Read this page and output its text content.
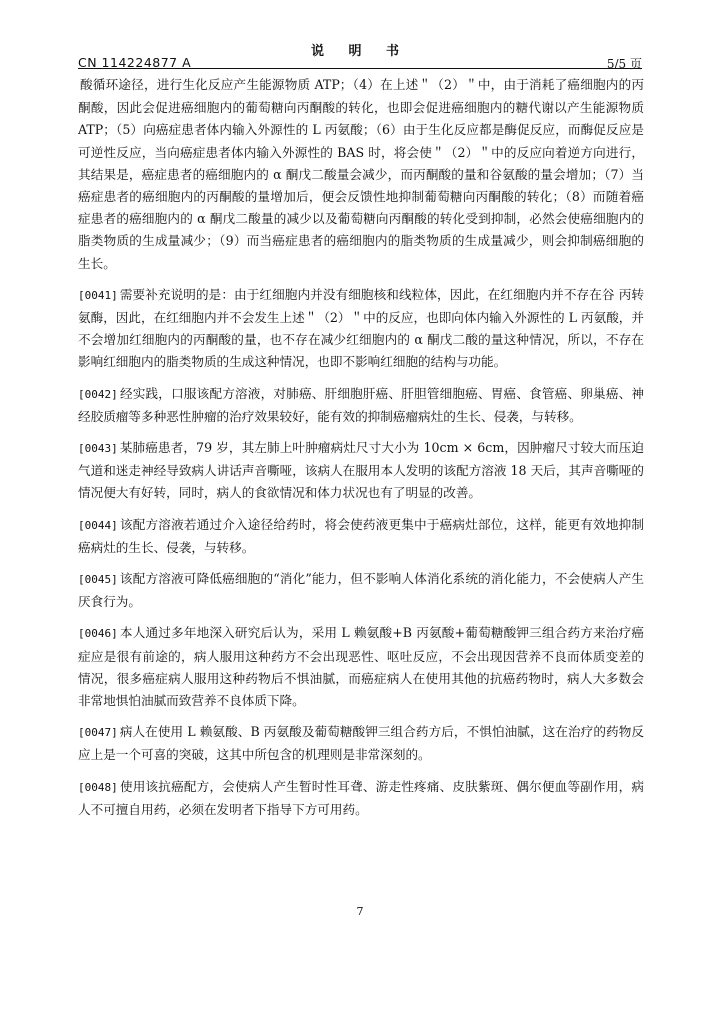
说 明 书
CN 114224877 A	5/5 页

酸循环途径，进行生化反应产生能源物质 ATP；（4）在上述＂（2）＂中，由于消耗了癌细胞内的丙酮酸，因此会促进癌细胞内的葡萄糖向丙酮酸的转化，也即会促进癌细胞内的糖代谢以产生能源物质 ATP；（5）向癌症患者体内输入外源性的 L 丙氨酸；（6）由于生化反应都是酶促反应，而酶促反应是可逆性反应，当向癌症患者体内输入外源性的 BAS 时，将会使＂（2）＂中的反应向着逆方向进行，其结果是，癌症患者的癌细胞内的 α 酮戊二酸量会减少，而丙酮酸的量和谷氨酸的量会增加；（7）当癌症患者的癌细胞内的丙酮酸的量增加后，便会反馈性地抑制葡萄糖向丙酮酸的转化；（8）而随着癌症患者的癌细胞内的 α 酮戊二酸量的减少以及葡萄糖向丙酮酸的转化受到抑制，必然会使癌细胞内的脂类物质的生成量减少；（9）而当癌症患者的癌细胞内的脂类物质的生成量减少，则会抑制癌细胞的生长。

[0041] 需要补充说明的是：由于红细胞内并没有细胞核和线粒体，因此，在红细胞内并不存在谷 丙转氨酶，因此，在红细胞内并不会发生上述＂（2）＂中的反应，也即向体内输入外源性的 L 丙氨酸，并不会增加红细胞内的丙酮酸的量，也不存在减少红细胞内的 α 酮戊二酸的量这种情况，所以，不存在影响红细胞内的脂类物质的生成这种情况，也即不影响红细胞的结构与功能。

[0042] 经实践，口服该配方溶液，对肺癌、肝细胞肝癌、肝胆管细胞癌、胃癌、食管癌、卵巢癌、神经胶质瘤等多种恶性肿瘤的治疗效果较好，能有效的抑制癌瘤病灶的生长、侵袭，与转移。

[0043] 某肺癌患者，79 岁，其左肺上叶肿瘤病灶尺寸大小为 10cm × 6cm，因肿瘤尺寸较大而压迫气道和迷走神经导致病人讲话声音嘶哑，该病人在服用本人发明的该配方溶液 18 天后，其声音嘶哑的情况便大有好转，同时，病人的食欲情况和体力状况也有了明显的改善。

[0044] 该配方溶液若通过介入途径给药时，将会使药液更集中于癌病灶部位，这样，能更有效地抑制癌病灶的生长、侵袭，与转移。

[0045] 该配方溶液可降低癌细胞的“消化”能力，但不影响人体消化系统的消化能力，不会使病人产生厌食行为。

[0046] 本人通过多年地深入研究后认为，采用 L 赖氨酸+B 丙氨酸+葡萄糖酸钾三组合药方来治疗癌症应是很有前途的，病人服用这种药方不会出现恶性、呕吐反应，不会出现因营养不良而体质变差的情况，很多癌症病人服用这种药物后不惧油腻，而癌症病人在使用其他的抗癌药物时，病人大多数会非常地惧怕油腻而致营养不良体质下降。

[0047] 病人在使用 L 赖氨酸、B 丙氨酸及葡萄糖酸钾三组合药方后，不惧怕油腻，这在治疗的药物反应上是一个可喜的突破，这其中所包含的机理则是非常深刻的。

[0048] 使用该抗癌配方，会使病人产生暂时性耳聋、游走性疼痛、皮肤紫斑、偶尔便血等副作用，病人不可擅自用药，必须在发明者下指导下方可用药。

7
